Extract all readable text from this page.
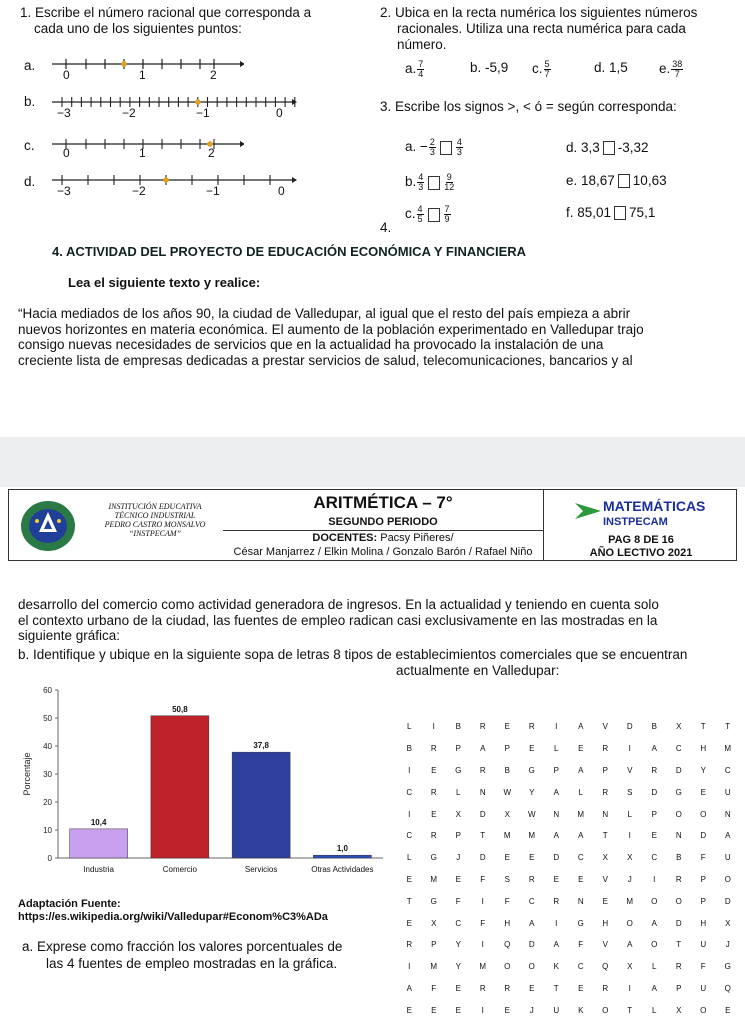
1. Escribe el número racional que corresponda a
cada uno de los siguientes puntos:
a.
0	1	2
b.
−3	−2	−1	0
c. 0	1	2
d.
−3	−2	−1	0
2. Ubica en la recta numérica los siguientes números
racionales. Utiliza una recta numérica para cada
número.
a. $\frac{7}{4}$	b. -5,9 c. $\frac{5}{7}$	d. 1,5 e. $\frac{38}{7}$
3. Escribe los signos >, < ó = según corresponda:
a. − $\frac{2}{3} \frac{4}{3}$
b. $\frac{4}{3} \frac{9}{12}$
c. $\frac{4}{5} \frac{7}{9}$
4.
d. 3,3 -3,32
e. 18,67 10,63
f. 85,01 75,1
4. ACTIVIDAD DEL PROYECTO DE EDUCACIÓN ECONÓMICA Y FINANCIERA
Lea el siguiente texto y realice:
“Hacia mediados de los años 90, la ciudad de Valledupar, al igual que el resto del país empieza a abrir
nuevos horizontes en materia económica. El aumento de la población experimentado en Valledupar trajo
consigo nuevas necesidades de servicios que en la actualidad ha provocado la instalación de una
creciente lista de empresas dedicadas a prestar servicios de salud, telecomunicaciones, bancarios y al
INSTITUCIÓN EDUCATIVA
TÉCNICO INDUSTRIAL
PEDRO CASTRO MONSALVO
“INSTPECAM”
ARITMÉTICA – 7°
SEGUNDO PERIODO
DOCENTES: Pacsy Piñeres/
César Manjarrez / Elkin Molina / Gonzalo Barón / Rafael Niño
MATEMÁTICAS
INSTPECAM
PAG 8 DE 16
AÑO LECTIVO 2021
desarrollo del comercio como actividad generadora de ingresos. En la actualidad y teniendo en cuenta solo
el contexto urbano de la ciudad, las fuentes de empleo radican casi exclusivamente en las mostradas en la
siguiente gráfica:
b. Identifique y ubique en la siguiente sopa de letras 8 tipos de establecimientos comerciales que se encuentran
actualmente en Valledupar:
0
10
20
30
40
50
60
Porcentaje
10,4
Industria
50,8
Comercio
37,8
Servicios
1,0
Otras Actividades
Adaptación Fuente:
https://es.wikipedia.org/wiki/Valledupar#Econom%C3%ADa
a. Exprese como fracción los valores porcentuales de
las 4 fuentes de empleo mostradas en la gráfica.
L	I	B	R	E	R	I	A	V	D	B	X	T	T
B	R	P	A	P	E	L	E	R	I	A	C	H	M
I	E	G	R	B	G	P	A	P	V	R	D	Y	C
C	R	L	N	W	Y	A	L	R	S	D	G	E	U
I	E	X	D	X	W	N	M	N	L	P	O	O	N
C	R	P	T	M	M	A	A	T	I	E	N	D	A
L	G	J	D	E	E	D	C	X	X	C	B	F	U
E	M	E	F	S	R	E	E	V	J	I	R	P	O
T	G	F	I	F	C	R	N	E	M	O	O	P	D
E	X	C	F	H	A	I	G	H	O	A	D	H	X
R	P	Y	I	Q	D	A	F	V	A	O	T	U	J
I	M	Y	M	O	O	K	C	Q	X	L	R	F	G
A	F	E	R	R	E	T	E	R	I	A	P	U	Q
E	E	E	I	E	J	U	K	O	T	L	X	O	E
